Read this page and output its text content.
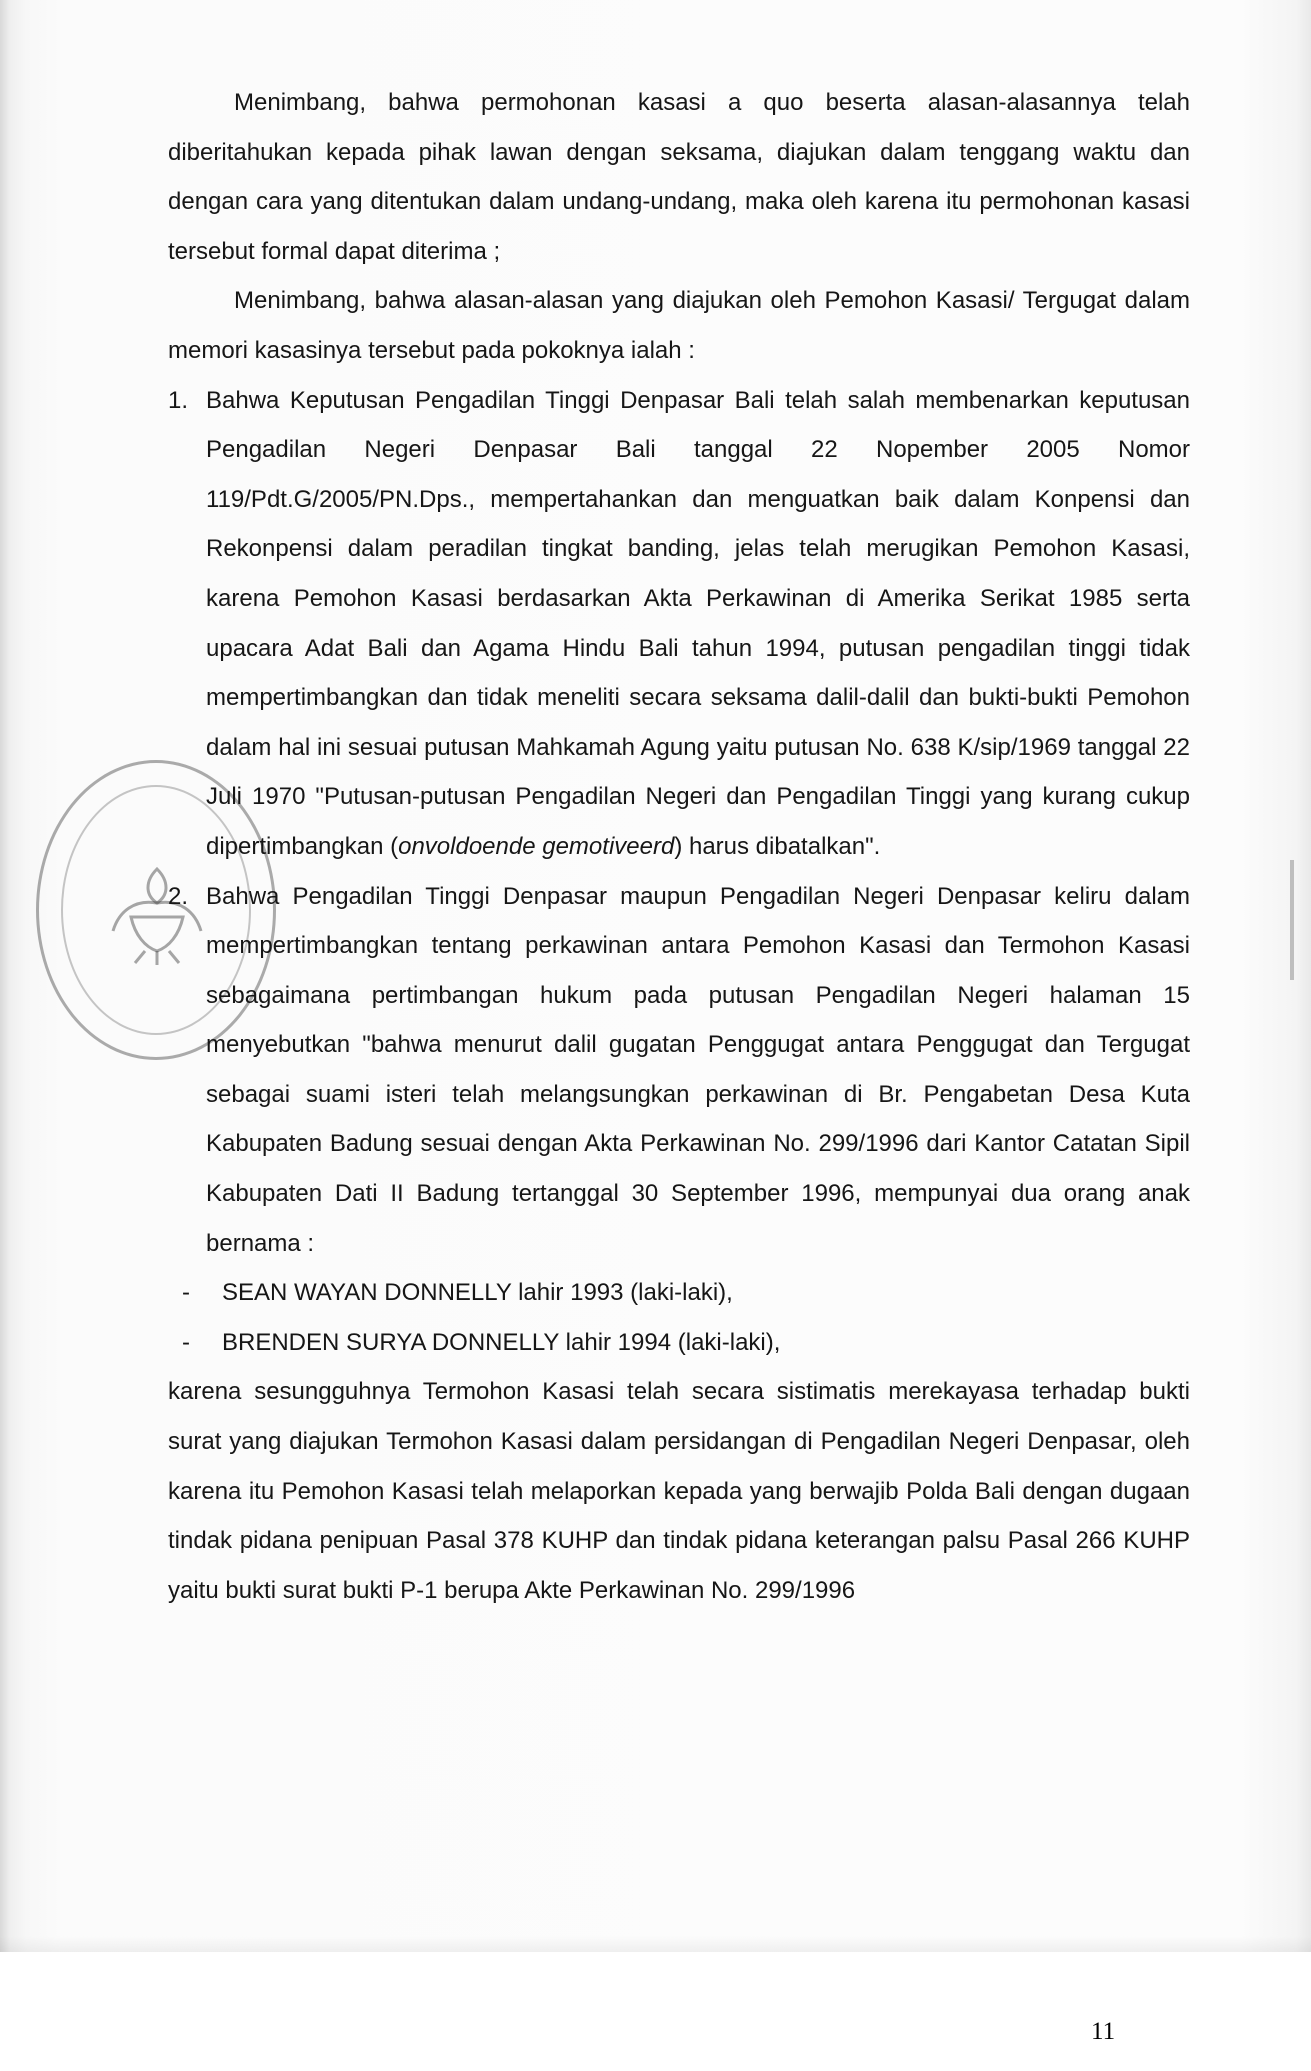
Menimbang, bahwa permohonan kasasi a quo beserta alasan-alasannya telah diberitahukan kepada pihak lawan dengan seksama, diajukan dalam tenggang waktu dan dengan cara yang ditentukan dalam undang-undang, maka oleh karena itu permohonan kasasi tersebut formal dapat diterima ;

Menimbang, bahwa alasan-alasan yang diajukan oleh Pemohon Kasasi/ Tergugat dalam memori kasasinya tersebut pada pokoknya ialah :

1. Bahwa Keputusan Pengadilan Tinggi Denpasar Bali telah salah membenarkan keputusan Pengadilan Negeri Denpasar Bali tanggal 22 Nopember 2005 Nomor 119/Pdt.G/2005/PN.Dps., mempertahankan dan menguatkan baik dalam Konpensi dan Rekonpensi dalam peradilan tingkat banding, jelas telah merugikan Pemohon Kasasi, karena Pemohon Kasasi berdasarkan Akta Perkawinan di Amerika Serikat 1985 serta upacara Adat Bali dan Agama Hindu Bali tahun 1994, putusan pengadilan tinggi tidak mempertimbangkan dan tidak meneliti secara seksama dalil-dalil dan bukti-bukti Pemohon dalam hal ini sesuai putusan Mahkamah Agung yaitu putusan No. 638 K/sip/1969 tanggal 22 Juli 1970 "Putusan-putusan Pengadilan Negeri dan Pengadilan Tinggi yang kurang cukup dipertimbangkan (onvoldoende gemotiveerd) harus dibatalkan".
2. Bahwa Pengadilan Tinggi Denpasar maupun Pengadilan Negeri Denpasar keliru dalam mempertimbangkan tentang perkawinan antara Pemohon Kasasi dan Termohon Kasasi sebagaimana pertimbangan hukum pada putusan Pengadilan Negeri halaman 15 menyebutkan "bahwa menurut dalil gugatan Penggugat antara Penggugat dan Tergugat sebagai suami isteri telah melangsungkan perkawinan di Br. Pengabetan Desa Kuta Kabupaten Badung sesuai dengan Akta Perkawinan No. 299/1996 dari Kantor Catatan Sipil Kabupaten Dati II Badung tertanggal 30 September 1996, mempunyai dua orang anak bernama :
-	SEAN WAYAN DONNELLY lahir 1993 (laki-laki),
-	BRENDEN SURYA DONNELLY lahir 1994 (laki-laki),

karena sesungguhnya Termohon Kasasi telah secara sistimatis merekayasa terhadap bukti surat yang diajukan Termohon Kasasi dalam persidangan di Pengadilan Negeri Denpasar, oleh karena itu Pemohon Kasasi telah melaporkan kepada yang berwajib Polda Bali dengan dugaan tindak pidana penipuan Pasal 378 KUHP dan tindak pidana keterangan palsu Pasal 266 KUHP yaitu bukti surat bukti P-1 berupa Akte Perkawinan No. 299/1996

11
